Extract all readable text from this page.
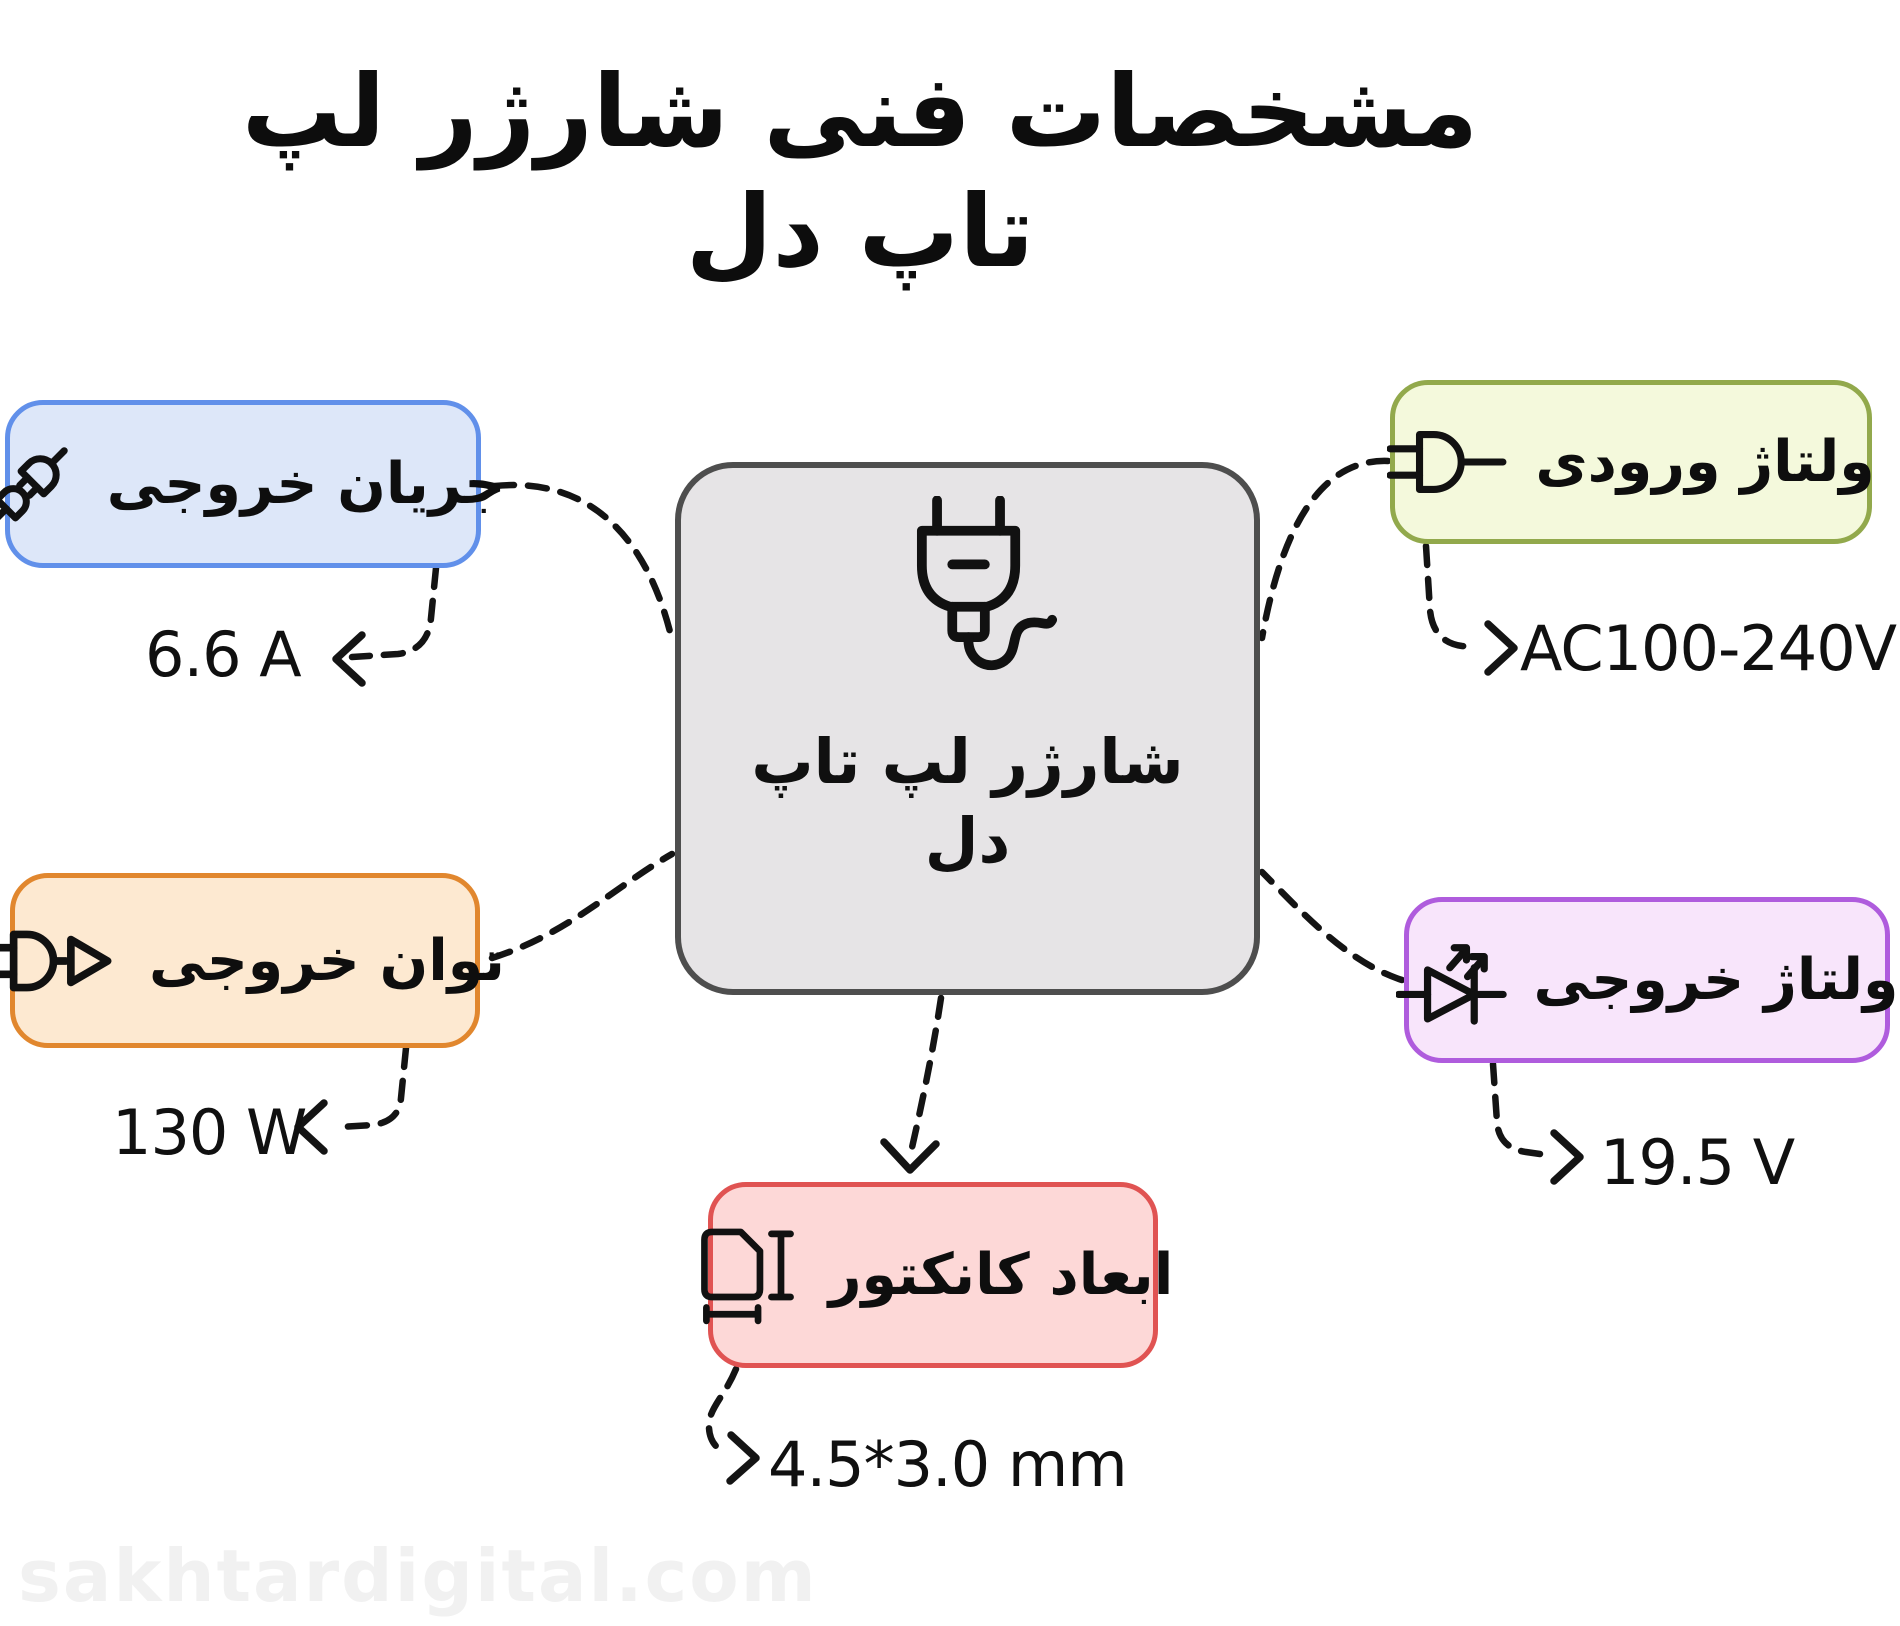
مشخصات فنی شارژر لپ تاپ دل
شارژر لپ تاپ دل
جریان خروجی	ولتاژ ورودی
توان خروجی	ولتاژ خروجی
ابعاد کانکتور
6.6 A	AC100-240V
130 W	19.5 V
4.5*3.0 mm
sakhtardigital.com
